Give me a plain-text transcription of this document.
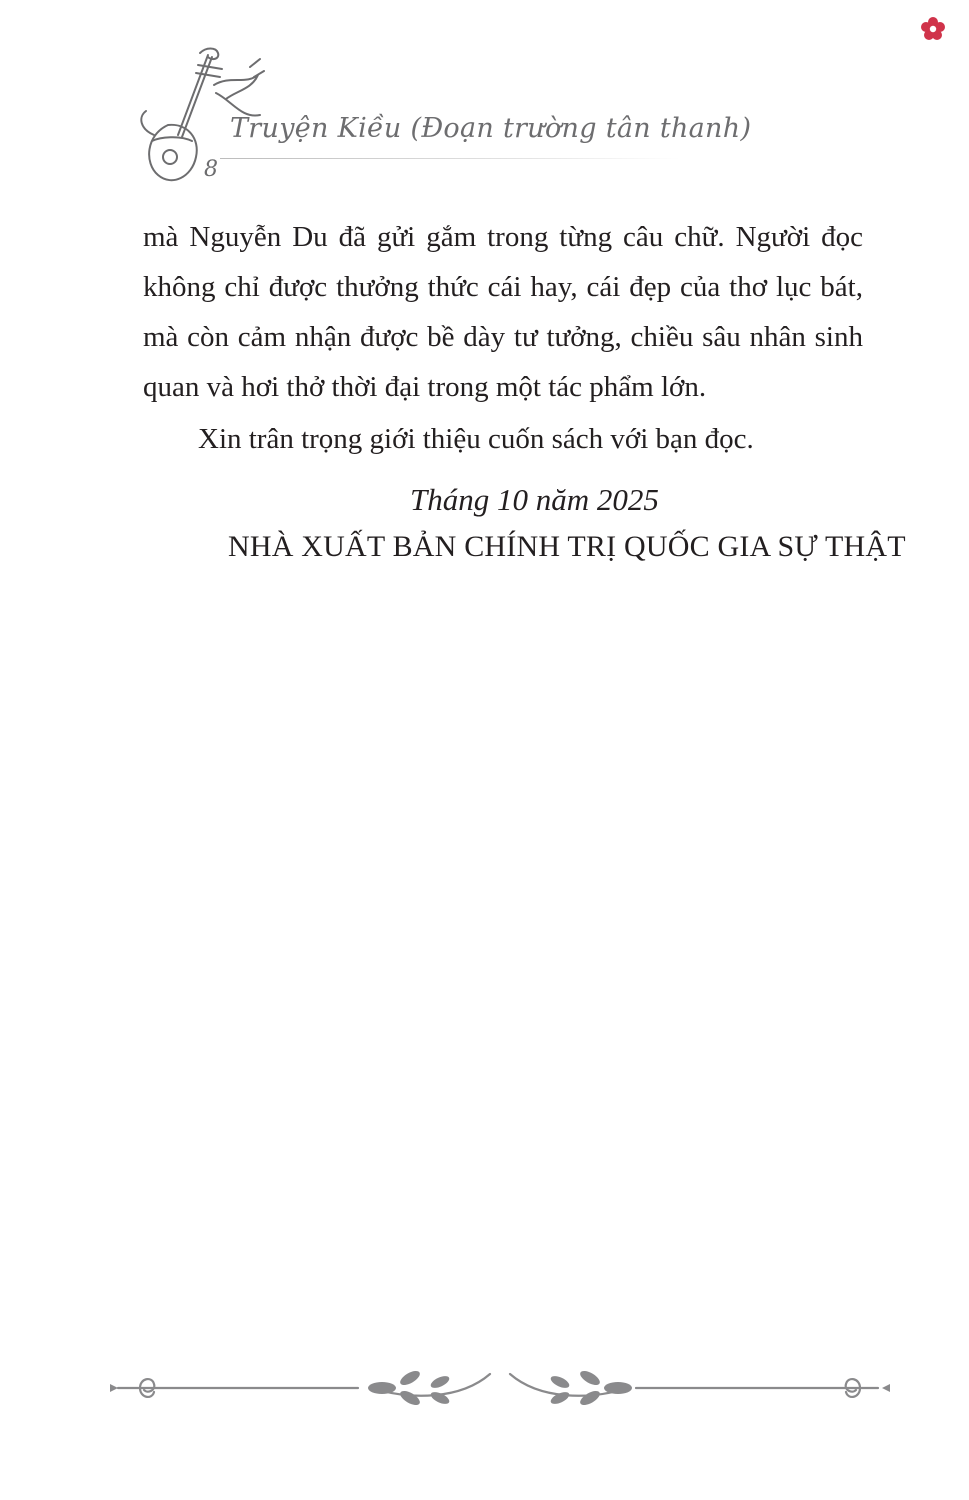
Truyện Kiều (Đoạn trường tân thanh)
8

mà Nguyễn Du đã gửi gắm trong từng câu chữ. Người đọc

không chỉ được thưởng thức cái hay, cái đẹp của thơ lục bát,

mà còn cảm nhận được bề dày tư tưởng, chiều sâu nhân sinh

quan và hơi thở thời đại trong một tác phẩm lớn.

Xin trân trọng giới thiệu cuốn sách với bạn đọc.

Tháng 10 năm 2025
NHÀ XUẤT BẢN CHÍNH TRỊ QUỐC GIA SỰ THẬT
